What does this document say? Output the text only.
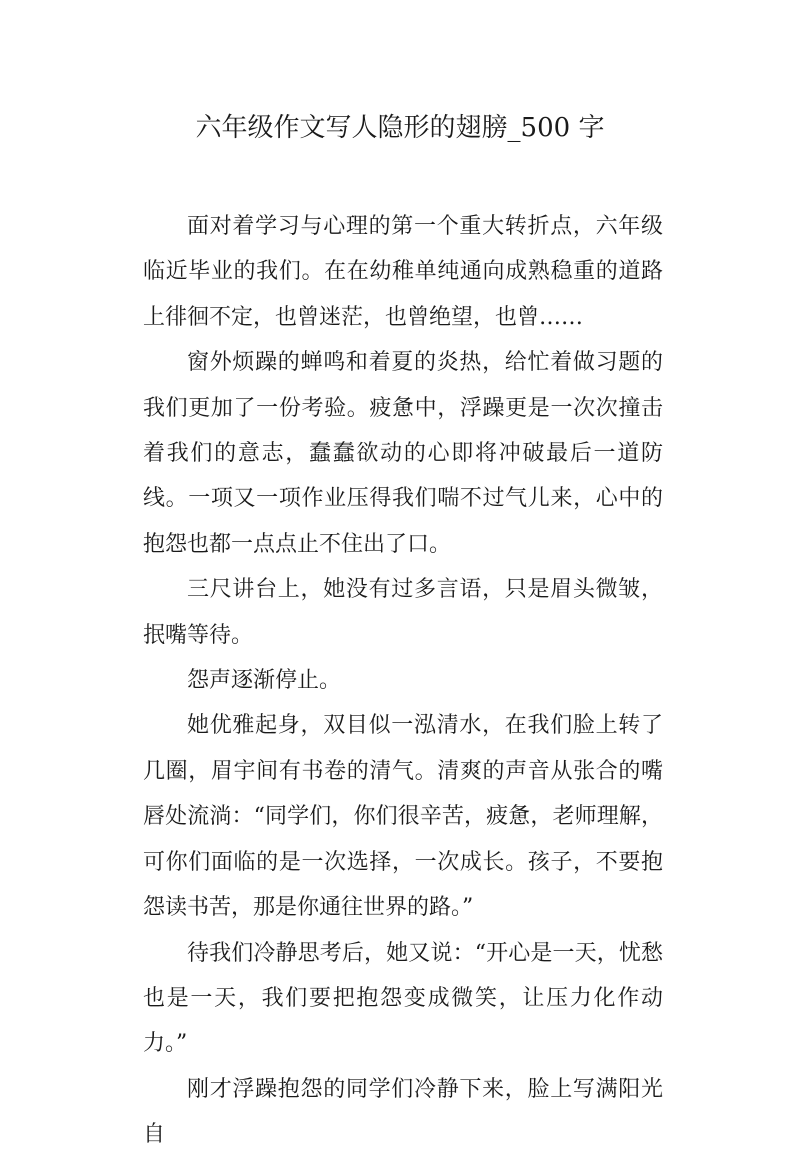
六年级作文写人隐形的翅膀_500 字

面对着学习与心理的第一个重大转折点，六年级临近毕业的我们。在在幼稚单纯通向成熟稳重的道路上徘徊不定，也曾迷茫，也曾绝望，也曾……

窗外烦躁的蝉鸣和着夏的炎热，给忙着做习题的我们更加了一份考验。疲惫中，浮躁更是一次次撞击着我们的意志，蠢蠢欲动的心即将冲破最后一道防线。一项又一项作业压得我们喘不过气儿来，心中的抱怨也都一点点止不住出了口。

三尺讲台上，她没有过多言语，只是眉头微皱，抿嘴等待。

怨声逐渐停止。

她优雅起身，双目似一泓清水，在我们脸上转了几圈，眉宇间有书卷的清气。清爽的声音从张合的嘴唇处流淌：“同学们，你们很辛苦，疲惫，老师理解，可你们面临的是一次选择，一次成长。孩子，不要抱怨读书苦，那是你通往世界的路。”

待我们冷静思考后，她又说：“开心是一天，忧愁也是一天，我们要把抱怨变成微笑，让压力化作动力。”

刚才浮躁抱怨的同学们冷静下来，脸上写满阳光自
